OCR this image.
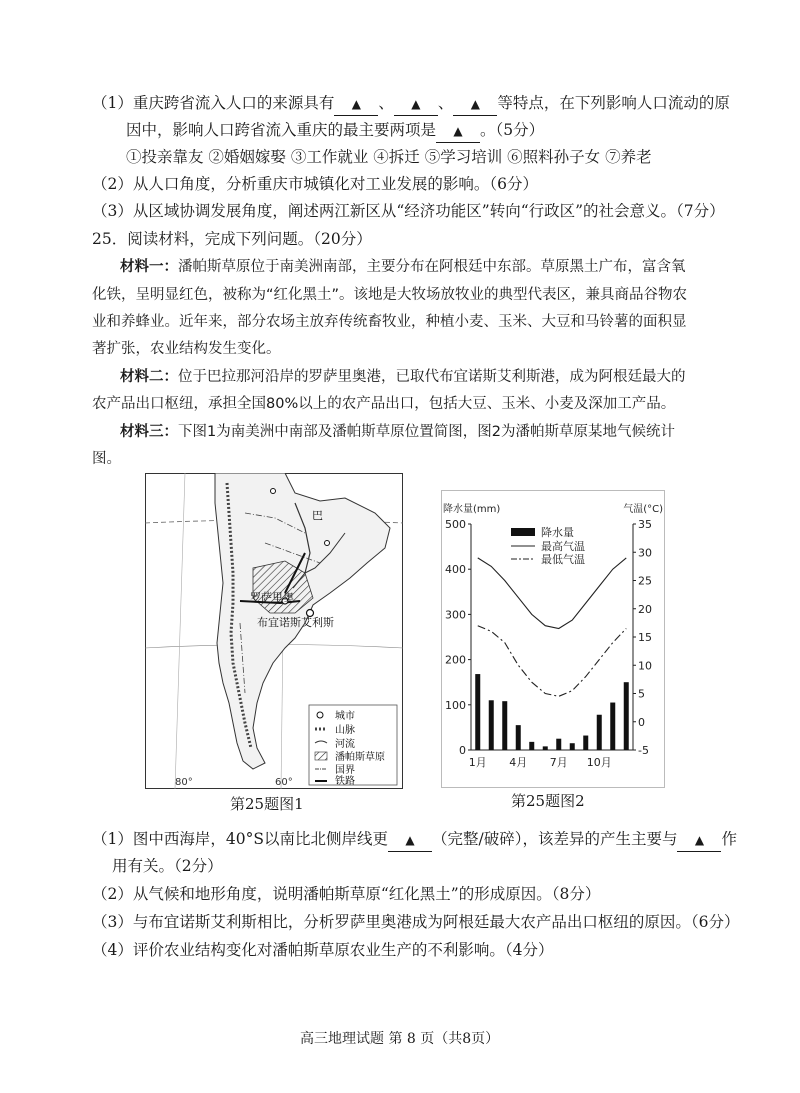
（1）重庆跨省流入人口的来源具有 ▲ 、 ▲ 、 ▲ 等特点，在下列影响人口流动的原
因中，影响人口跨省流入重庆的最主要两项是 ▲ 。（5分）
①投亲靠友 ②婚姻嫁娶 ③工作就业 ④拆迁 ⑤学习培训 ⑥照料孙子女 ⑦养老
（2）从人口角度，分析重庆市城镇化对工业发展的影响。（6分）
（3）从区域协调发展角度，阐述两江新区从“经济功能区”转向“行政区”的社会意义。（7分）
25．阅读材料，完成下列问题。（20分）
材料一：潘帕斯草原位于南美洲南部，主要分布在阿根廷中东部。草原黑土广布，富含氧
化铁，呈明显红色，被称为“红化黑土”。该地是大牧场放牧业的典型代表区，兼具商品谷物农
业和养蜂业。近年来，部分农场主放弃传统畜牧业，种植小麦、玉米、大豆和马铃薯的面积显
著扩张，农业结构发生变化。
材料二：位于巴拉那河沿岸的罗萨里奥港，已取代布宜诺斯艾利斯港，成为阿根廷最大的
农产品出口枢纽，承担全国80%以上的农产品出口，包括大豆、玉米、小麦及深加工产品。
材料三：下图1为南美洲中南部及潘帕斯草原位置简图，图2为潘帕斯草原某地气候统计
图。
罗萨里奥
布宜诺斯艾利斯
巴
80°	60°
城市
山脉
河流
潘帕斯草原
国界
铁路
第25题图1
0
100
200
300
400
500
-5
0
5
10
15
20
25
30
35
降水量(mm)	气温(°C)
1月 4月 7月 10月
降水量
最高气温
最低气温
第25题图2
（1）图中西海岸，40°S以南比北侧岸线更 ▲ （完整/破碎），该差异的产生主要与 ▲ 作
用有关。（2分）
（2）从气候和地形角度，说明潘帕斯草原“红化黑土”的形成原因。（8分）
（3）与布宜诺斯艾利斯相比，分析罗萨里奥港成为阿根廷最大农产品出口枢纽的原因。（6分）
（4）评价农业结构变化对潘帕斯草原农业生产的不利影响。（4分）
高三地理试题 第 8 页（共8页）
